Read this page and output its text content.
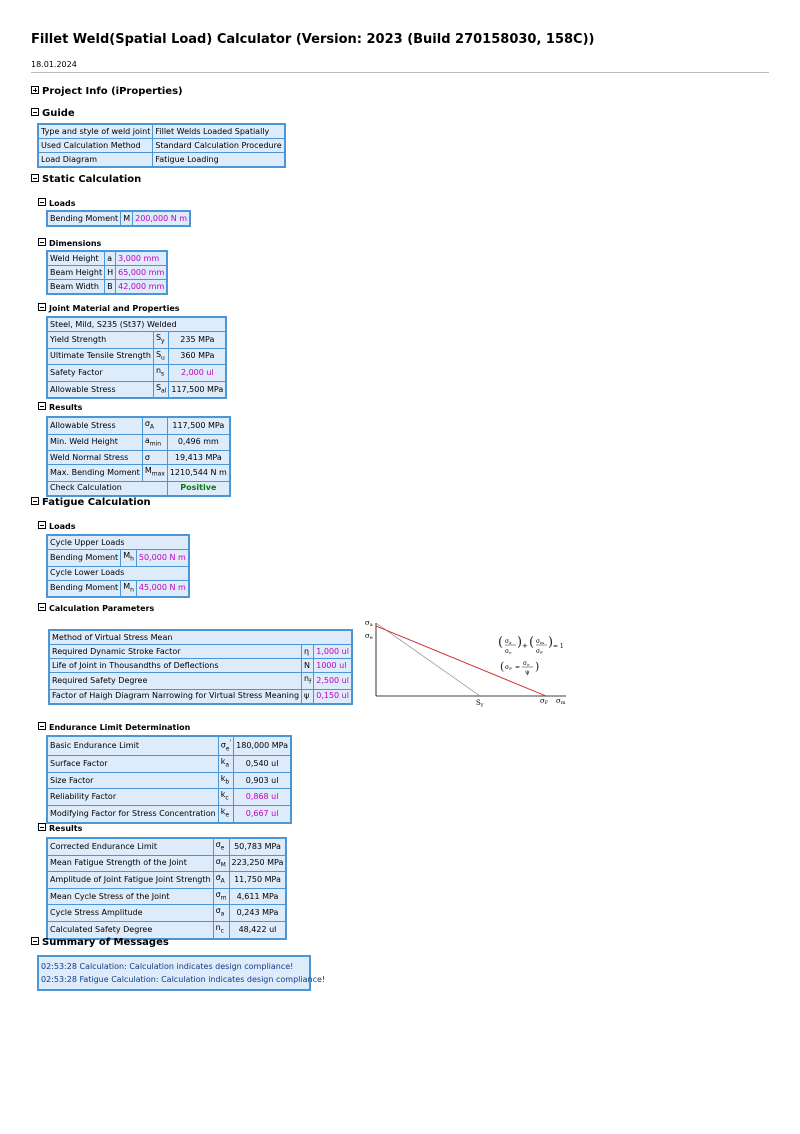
Fillet Weld(Spatial Load) Calculator (Version: 2023 (Build 270158030, 158C))
18.01.2024
Project Info (iProperties)
Guide
Type and style of weld joint	Fillet Welds Loaded Spatially
Used Calculation Method	Standard Calculation Procedure
Load Diagram	Fatigue Loading
Static Calculation
Loads
Bending Moment	M	200,000 N m
Dimensions
Weld Height	a	3,000 mm
Beam Height	H	65,000 mm
Beam Width	B	42,000 mm
Joint Material and Properties
Steel, Mild, S235 (St37) Welded		
Yield Strength	$S_y$	235 MPa
Ultimate Tensile Strength	$S_u$	360 MPa
Safety Factor	$n_s$	2,000 ul
Allowable Stress	$S_{al}$	117,500 MPa
Results
Allowable Stress	$\sigma_A$	117,500 MPa
Min. Weld Height	$a_{min}$	0,496 mm
Weld Normal Stress	σ	19,413 MPa
Max. Bending Moment	$M_{max}$	1210,544 N m
Check Calculation		Positive
Fatigue Calculation
Loads
Cycle Upper Loads		
Bending Moment	$M_h$	50,000 N m
Cycle Lower Loads		
Bending Moment	$M_n$	45,000 N m
Calculation Parameters
Method of Virtual Stress Mean		
Required Dynamic Stroke Factor	η	1,000 ul
Life of Joint in Thousandths of Deflections	N	1000 ul
Required Safety Degree	$n_f$	2,500 ul
Factor of Haigh Diagram Narrowing for Virtual Stress Meaning	ψ	0,150 ul
σa
σe
Sy	σF σm
( σa
σe
) + ( σm
σF
) = 1
( σF =
σe
ψ )
Endurance Limit Determination
Basic Endurance Limit	$\sigma_e'$	180,000 MPa
Surface Factor	$k_a$	0,540 ul
Size Factor	$k_b$	0,903 ul
Reliability Factor	$k_c$	0,868 ul
Modifying Factor for Stress Concentration	$k_e$	0,667 ul
Results
Corrected Endurance Limit	$\sigma_e$	50,783 MPa
Mean Fatigue Strength of the Joint	$\sigma_M$	223,250 MPa
Amplitude of Joint Fatigue Joint Strength	$\sigma_A$	11,750 MPa
Mean Cycle Stress of the Joint	$\sigma_m$	4,611 MPa
Cycle Stress Amplitude	$\sigma_a$	0,243 MPa
Calculated Safety Degree	$n_c$	48,422 ul
Summary of Messages
02:53:28 Calculation: Calculation indicates design compliance!
02:53:28 Fatigue Calculation: Calculation indicates design compliance!
